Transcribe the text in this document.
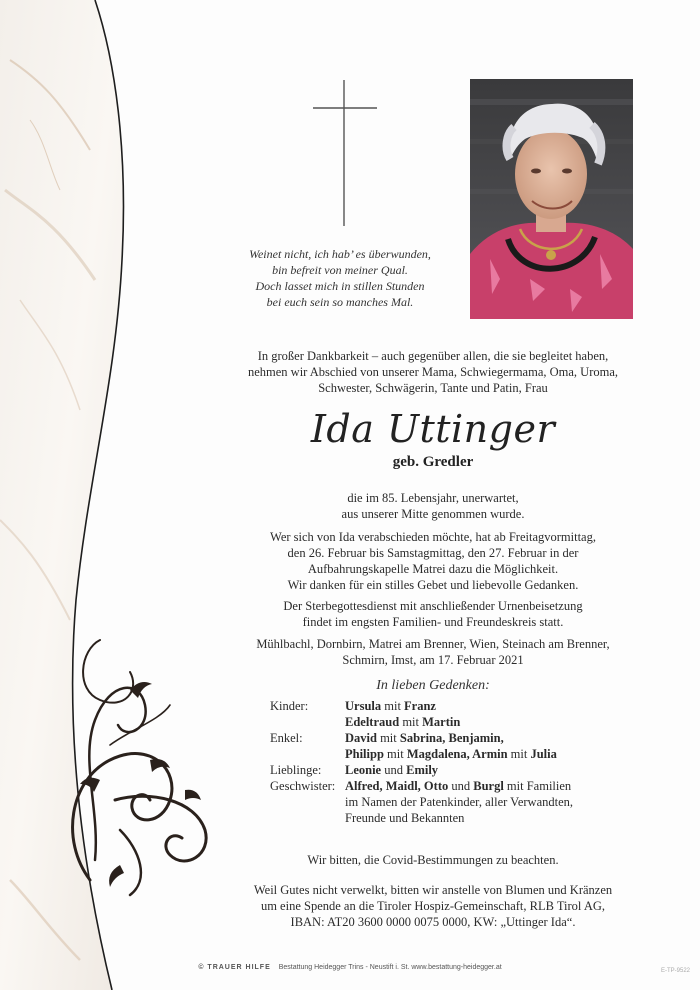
Weinet nicht, ich hab’ es überwunden,
bin befreit von meiner Qual.
Doch lasset mich in stillen Stunden
bei euch sein so manches Mal.
In großer Dankbarkeit – auch gegenüber allen, die sie begleitet haben,
nehmen wir Abschied von unserer Mama, Schwiegermama, Oma, Uroma,
Schwester, Schwägerin, Tante und Patin, Frau
Ida Uttinger
geb. Gredler
die im 85. Lebensjahr, unerwartet,
aus unserer Mitte genommen wurde.
Wer sich von Ida verabschieden möchte, hat ab Freitagvormittag,
den 26. Februar bis Samstagmittag, den 27. Februar in der
Aufbahrungskapelle Matrei dazu die Möglichkeit.
Wir danken für ein stilles Gebet und liebevolle Gedanken.
Der Sterbegottesdienst mit anschließender Urnenbeisetzung
findet im engsten Familien- und Freundeskreis statt.
Mühlbachl, Dornbirn, Matrei am Brenner, Wien, Steinach am Brenner,
Schmirn, Imst, am 17. Februar 2021
In lieben Gedenken:
Kinder:	Ursula mit Franz
Edeltraud mit Martin
Enkel:	David mit Sabrina, Benjamin,
Philipp mit Magdalena, Armin mit Julia
Lieblinge:	Leonie und Emily
Geschwister: Alfred, Maidl, Otto und Burgl mit Familien
im Namen der Patenkinder, aller Verwandten,
Freunde und Bekannten
Wir bitten, die Covid-Bestimmungen zu beachten.
Weil Gutes nicht verwelkt, bitten wir anstelle von Blumen und Kränzen
um eine Spende an die Tiroler Hospiz-Gemeinschaft, RLB Tirol AG,
IBAN: AT20 3600 0000 0075 0000, KW: „Uttinger Ida“.
© TRAUER HILFE Bestattung Heidegger Trins - Neustift i. St. www.bestattung-heidegger.at	E-TP-9522
